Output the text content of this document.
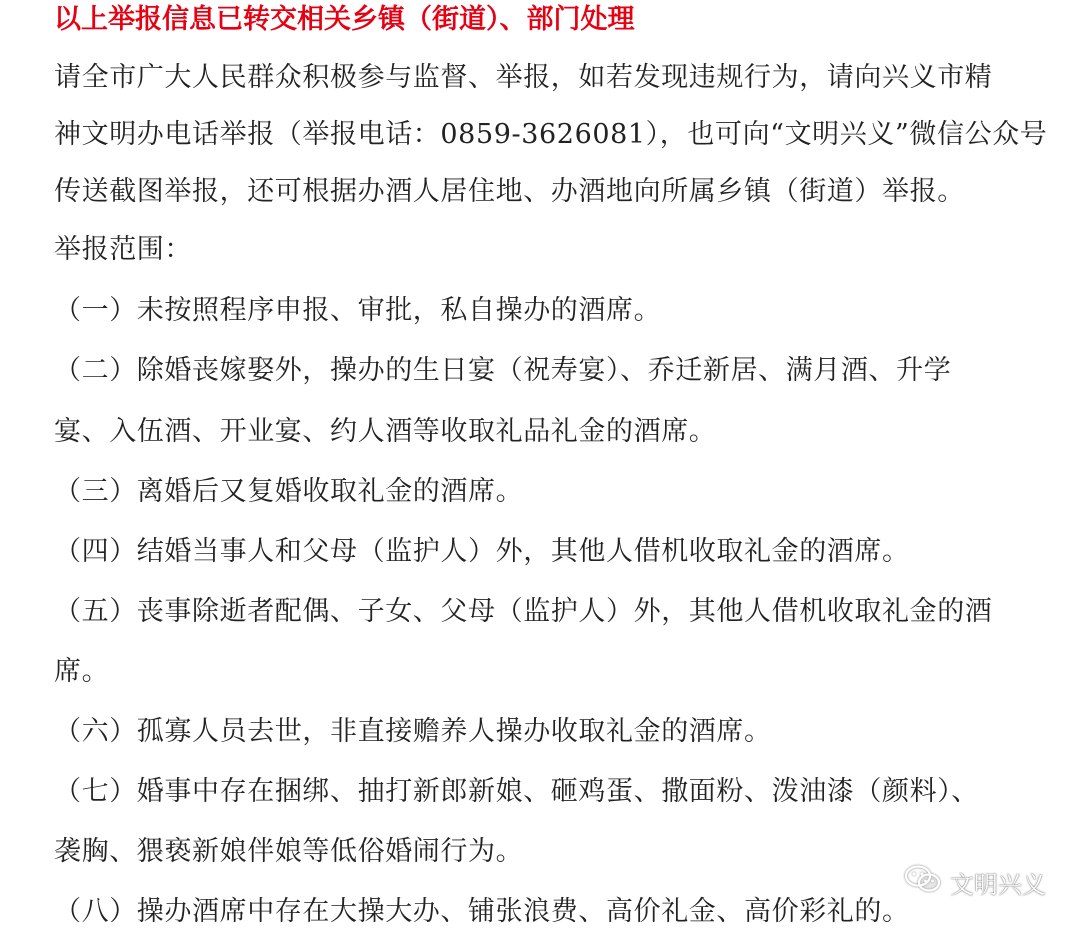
以上举报信息已转交相关乡镇（街道）、部门处理
请全市广大人民群众积极参与监督、举报，如若发现违规行为，请向兴义市精
神文明办电话举报（举报电话：0859-3626081），也可向“文明兴义”微信公众号
传送截图举报，还可根据办酒人居住地、办酒地向所属乡镇（街道）举报。
举报范围：
（一）未按照程序申报、审批，私自操办的酒席。
（二）除婚丧嫁娶外，操办的生日宴（祝寿宴）、乔迁新居、满月酒、升学
宴、入伍酒、开业宴、约人酒等收取礼品礼金的酒席。
（三）离婚后又复婚收取礼金的酒席。
（四）结婚当事人和父母（监护人）外，其他人借机收取礼金的酒席。
（五）丧事除逝者配偶、子女、父母（监护人）外，其他人借机收取礼金的酒
席。
（六）孤寡人员去世，非直接赡养人操办收取礼金的酒席。
（七）婚事中存在捆绑、抽打新郎新娘、砸鸡蛋、撒面粉、泼油漆（颜料）、
袭胸、猥亵新娘伴娘等低俗婚闹行为。
（八）操办酒席中存在大操大办、铺张浪费、高价礼金、高价彩礼的。
文明兴义
